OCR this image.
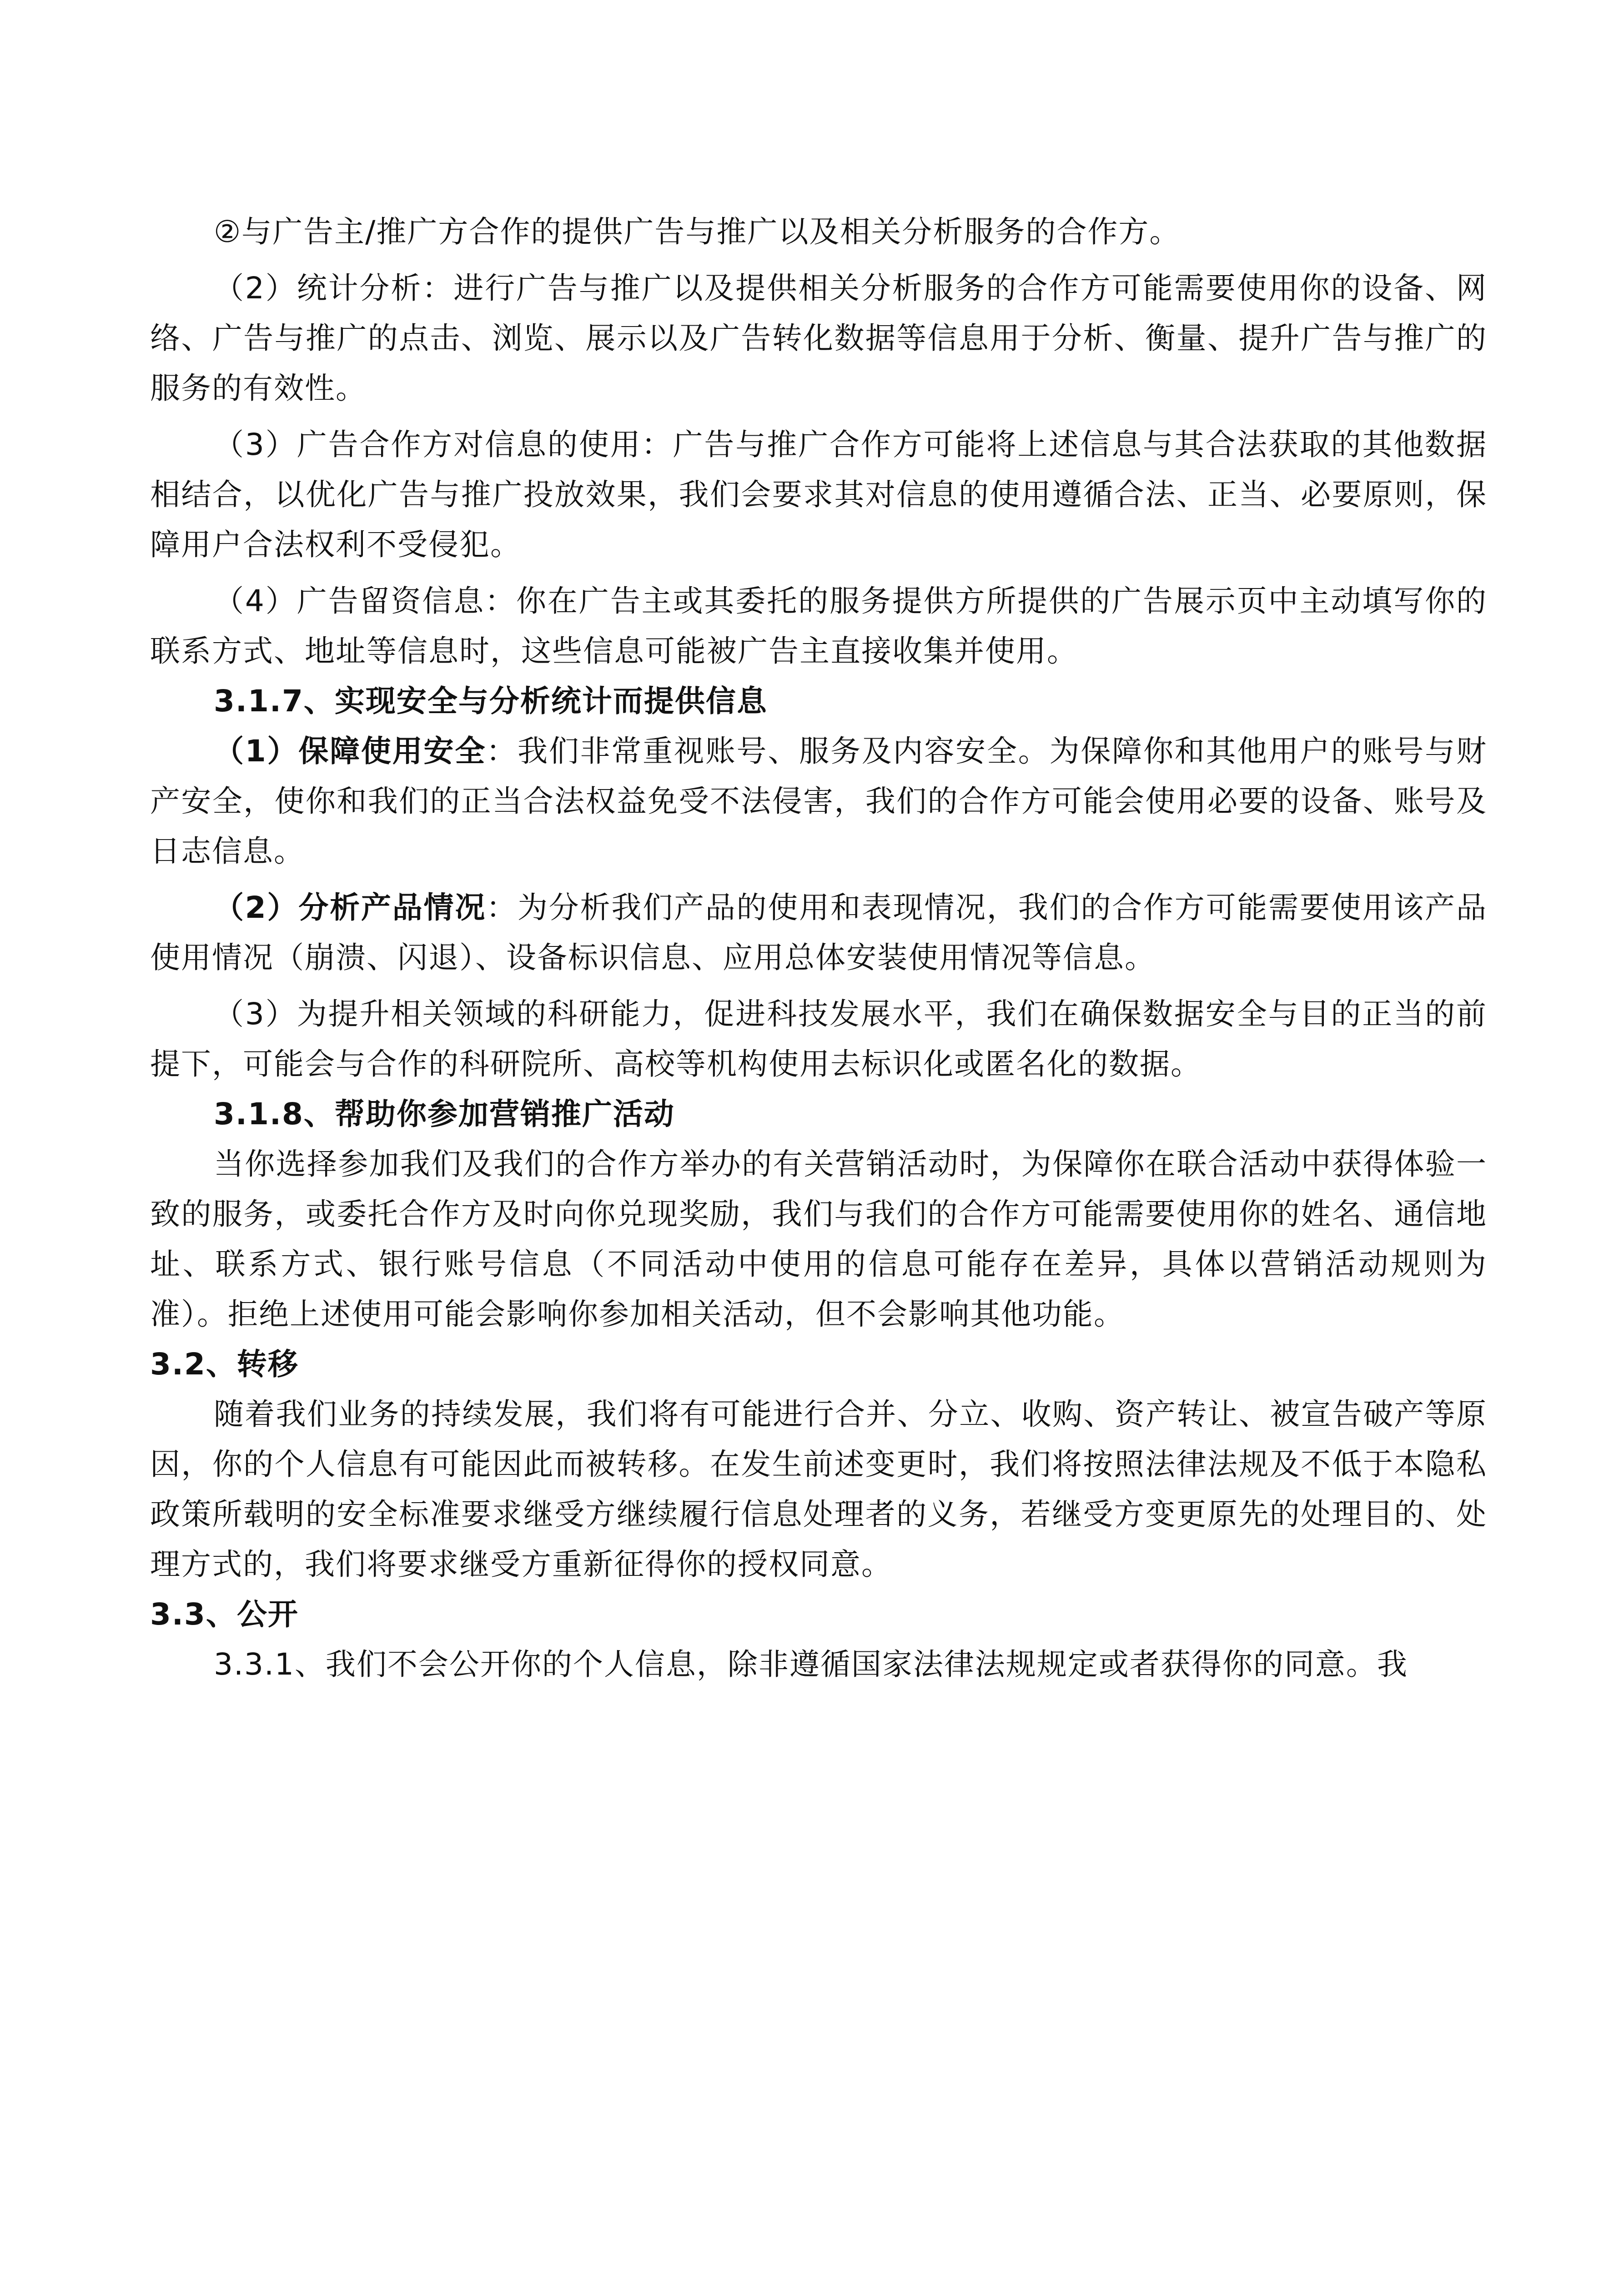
②与广告主/推广方合作的提供广告与推广以及相关分析服务的合作方。

（2）统计分析：进行广告与推广以及提供相关分析服务的合作方可能需要使用你的设备、网络、广告与推广的点击、浏览、展示以及广告转化数据等信息用于分析、衡量、提升广告与推广的服务的有效性。

（3）广告合作方对信息的使用：广告与推广合作方可能将上述信息与其合法获取的其他数据相结合，以优化广告与推广投放效果，我们会要求其对信息的使用遵循合法、正当、必要原则，保障用户合法权利不受侵犯。

（4）广告留资信息：你在广告主或其委托的服务提供方所提供的广告展示页中主动填写你的联系方式、地址等信息时，这些信息可能被广告主直接收集并使用。

3.1.7、实现安全与分析统计而提供信息

（1）保障使用安全：我们非常重视账号、服务及内容安全。为保障你和其他用户的账号与财产安全，使你和我们的正当合法权益免受不法侵害，我们的合作方可能会使用必要的设备、账号及日志信息。

（2）分析产品情况：为分析我们产品的使用和表现情况，我们的合作方可能需要使用该产品使用情况（崩溃、闪退）、设备标识信息、应用总体安装使用情况等信息。

（3）为提升相关领域的科研能力，促进科技发展水平，我们在确保数据安全与目的正当的前提下，可能会与合作的科研院所、高校等机构使用去标识化或匿名化的数据。

3.1.8、帮助你参加营销推广活动

当你选择参加我们及我们的合作方举办的有关营销活动时，为保障你在联合活动中获得体验一致的服务，或委托合作方及时向你兑现奖励，我们与我们的合作方可能需要使用你的姓名、通信地址、联系方式、银行账号信息（不同活动中使用的信息可能存在差异，具体以营销活动规则为准）。拒绝上述使用可能会影响你参加相关活动，但不会影响其他功能。

3.2、转移

随着我们业务的持续发展，我们将有可能进行合并、分立、收购、资产转让、被宣告破产等原因，你的个人信息有可能因此而被转移。在发生前述变更时，我们将按照法律法规及不低于本隐私政策所载明的安全标准要求继受方继续履行信息处理者的义务，若继受方变更原先的处理目的、处理方式的，我们将要求继受方重新征得你的授权同意。

3.3、公开

3.3.1、我们不会公开你的个人信息，除非遵循国家法律法规规定或者获得你的同意。我
